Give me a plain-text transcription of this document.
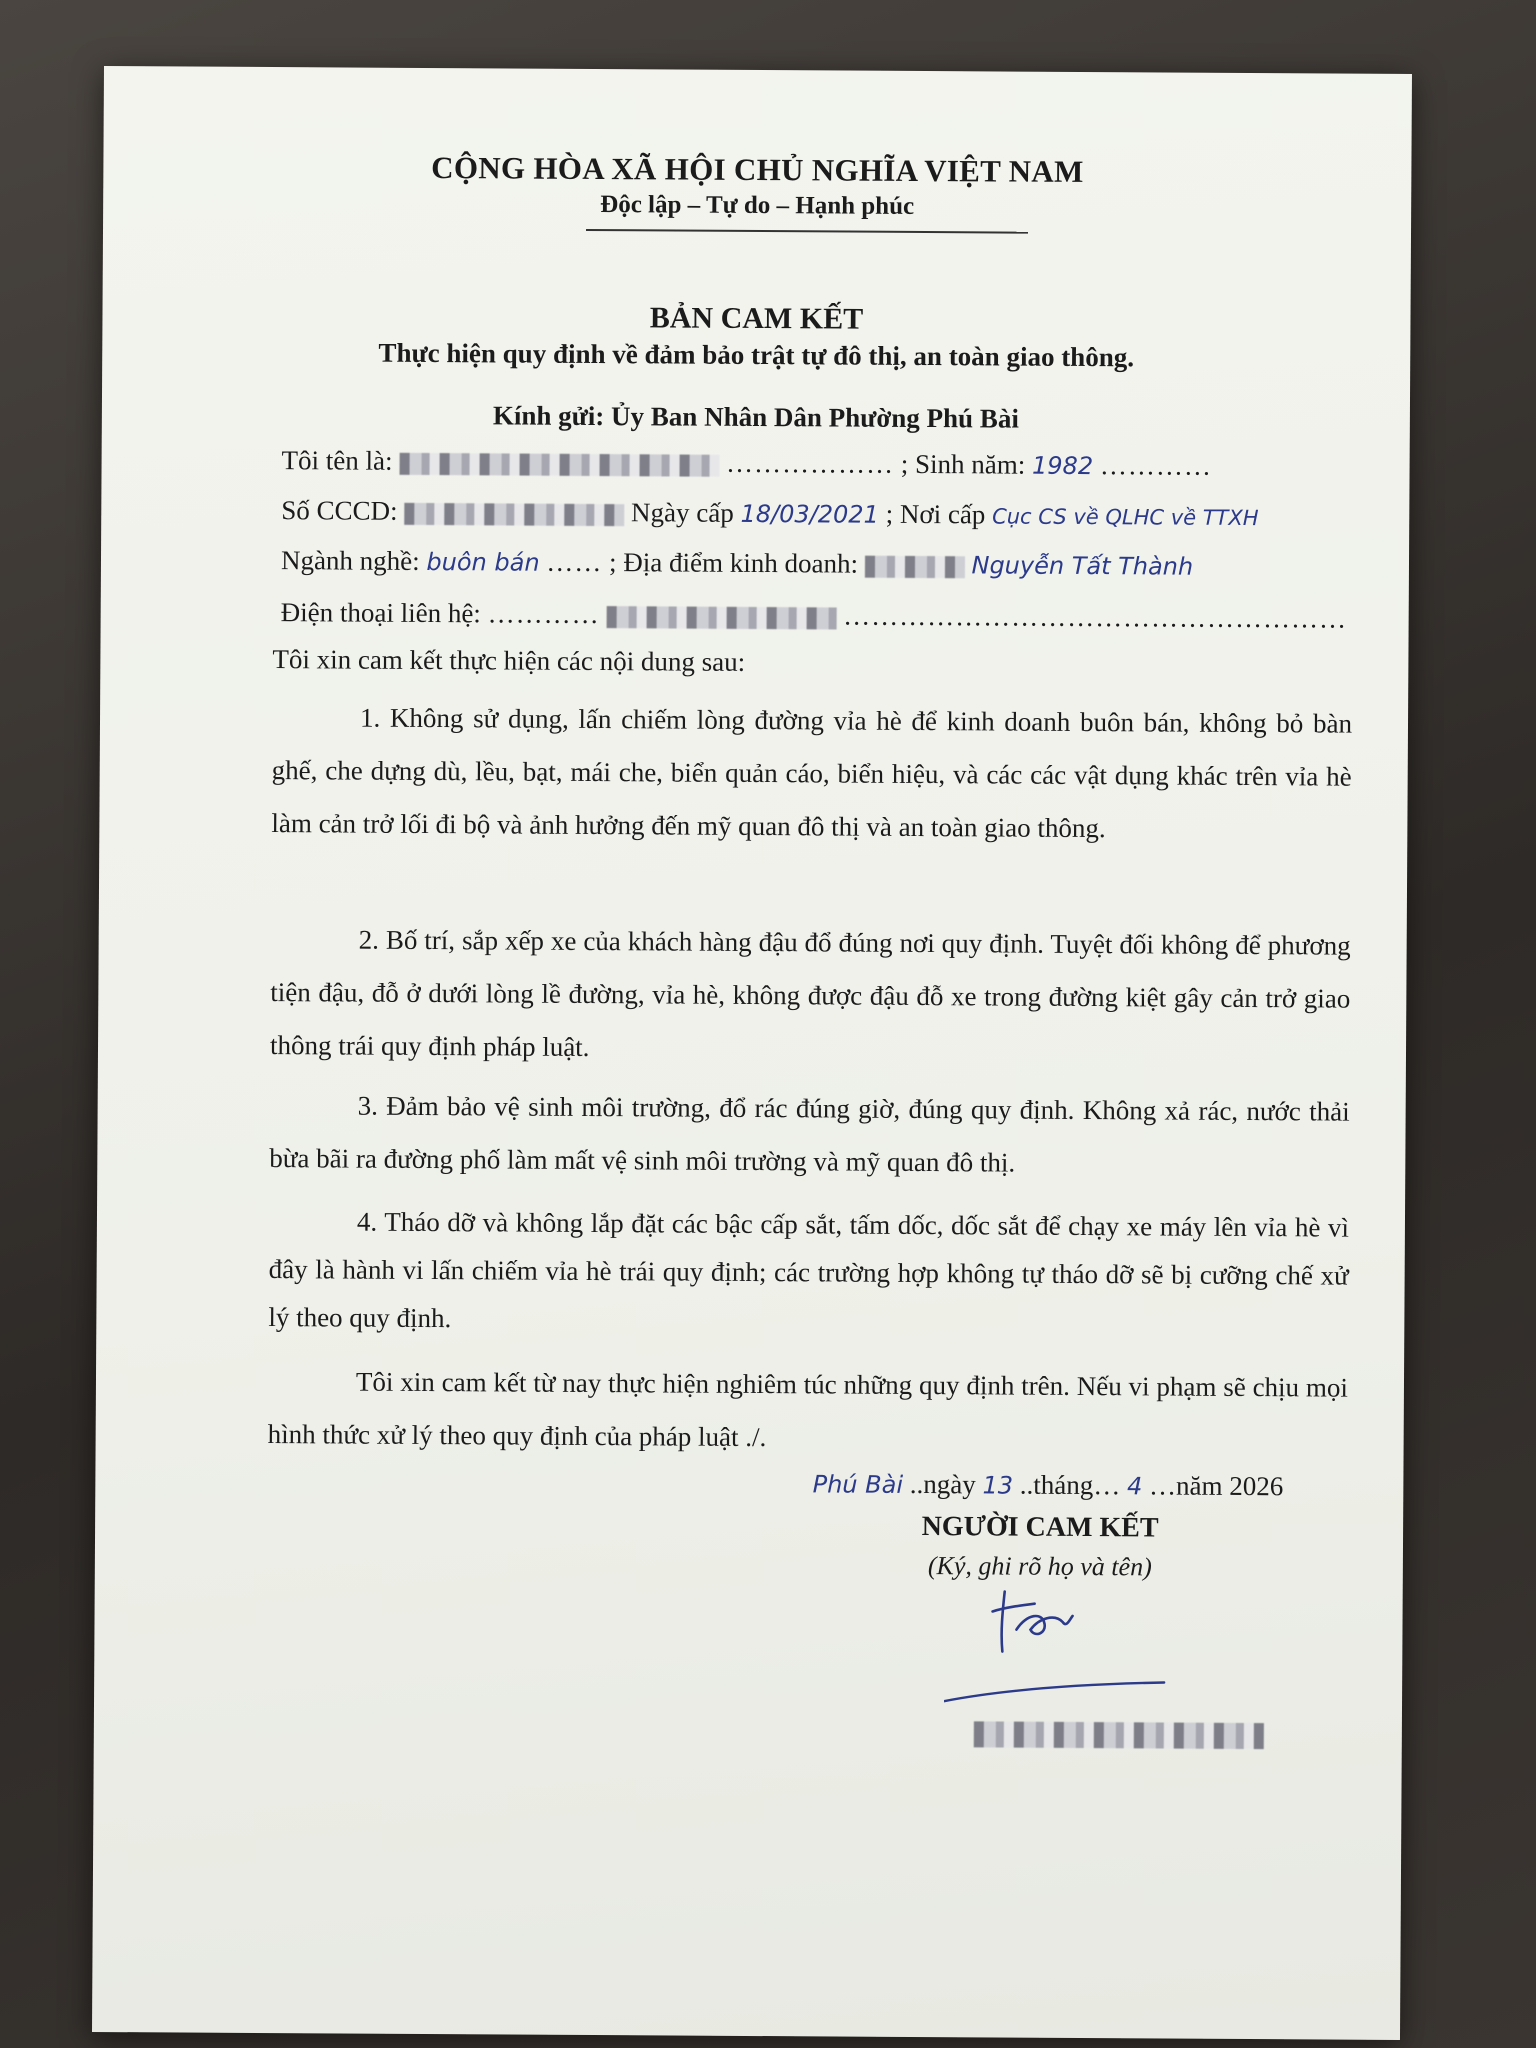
CỘNG HÒA XÃ HỘI CHỦ NGHĨA VIỆT NAM
Độc lập – Tự do – Hạnh phúc
BẢN CAM KẾT
Thực hiện quy định về đảm bảo trật tự đô thị, an toàn giao thông.
Kính gửi: Ủy Ban Nhân Dân Phường Phú Bài
Tôi tên là:	……………… ; Sinh năm: 1982 …………
Số CCCD:	Ngày cấp 18/03/2021 ; Nơi cấp Cục CS về QLHC về TTXH
Ngành nghề: buôn bán …… ; Địa điểm kinh doanh:	Nguyễn Tất Thành
Điện thoại liên hệ: …………	………………………………………………
Tôi xin cam kết thực hiện các nội dung sau:
1. Không sử dụng, lấn chiếm lòng đường vỉa hè để kinh doanh buôn bán, không bỏ bàn ghế, che dựng dù, lều, bạt, mái che, biển quản cáo, biển hiệu, và các các vật dụng khác trên vỉa hè làm cản trở lối đi bộ và ảnh hưởng đến mỹ quan đô thị và an toàn giao thông.
2. Bố trí, sắp xếp xe của khách hàng đậu đổ đúng nơi quy định. Tuyệt đối không để phương tiện đậu, đỗ ở dưới lòng lề đường, vỉa hè, không được đậu đỗ xe trong đường kiệt gây cản trở giao thông trái quy định pháp luật.
3. Đảm bảo vệ sinh môi trường, đổ rác đúng giờ, đúng quy định. Không xả rác, nước thải bừa bãi ra đường phố làm mất vệ sinh môi trường và mỹ quan đô thị.
4. Tháo dỡ và không lắp đặt các bậc cấp sắt, tấm dốc, dốc sắt để chạy xe máy lên vỉa hè vì đây là hành vi lấn chiếm vỉa hè trái quy định; các trường hợp không tự tháo dỡ sẽ bị cưỡng chế xử lý theo quy định.
Tôi xin cam kết từ nay thực hiện nghiêm túc những quy định trên. Nếu vi phạm sẽ chịu mọi hình thức xử lý theo quy định của pháp luật ./.
Phú Bài ..ngày 13 ..tháng… 4 …năm 2026
NGƯỜI CAM KẾT
(Ký, ghi rõ họ và tên)
